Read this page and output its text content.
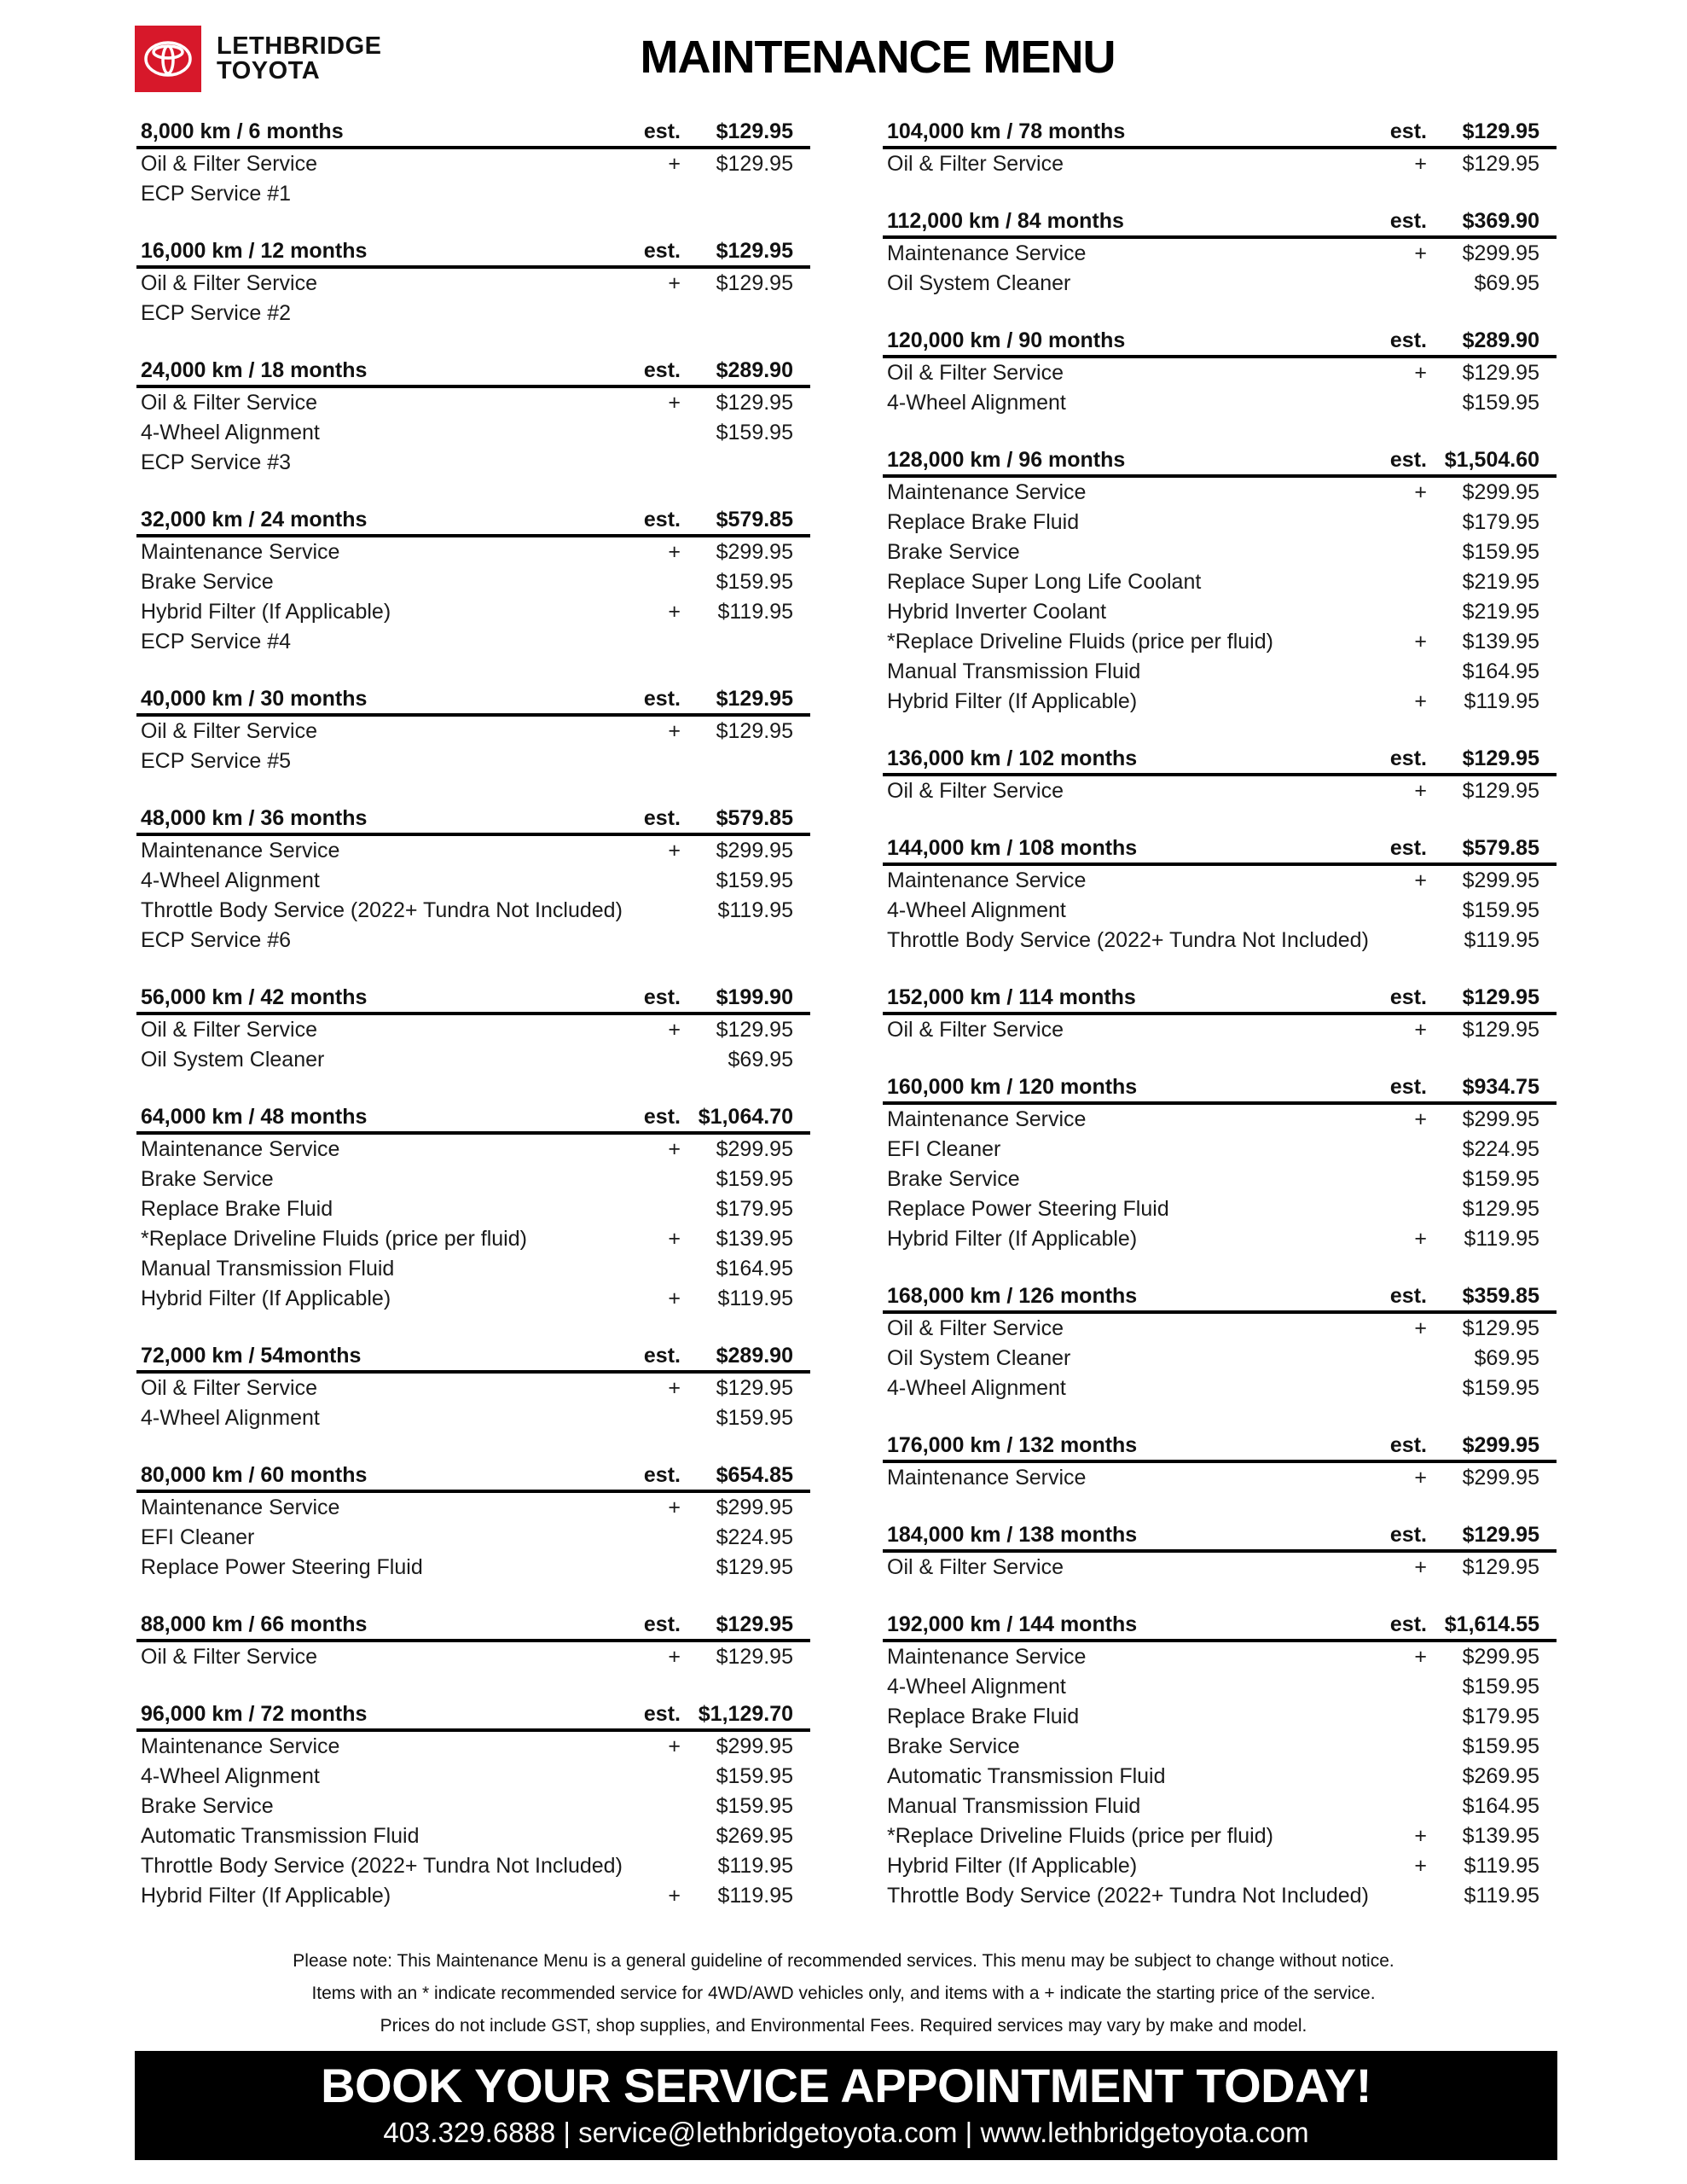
LETHBRIDGE
TOYOTA	MAINTENANCE MENU
8,000 km / 6 months	est.	$129.95
Oil & Filter Service	+	$129.95
ECP Service #1
16,000 km / 12 months	est.	$129.95
Oil & Filter Service	+	$129.95
ECP Service #2
24,000 km / 18 months	est.	$289.90
Oil & Filter Service	+	$129.95
4-Wheel Alignment	$159.95
ECP Service #3
32,000 km / 24 months	est.	$579.85
Maintenance Service	+	$299.95
Brake Service	$159.95
Hybrid Filter (If Applicable)	+	$119.95
ECP Service #4
40,000 km / 30 months	est.	$129.95
Oil & Filter Service	+	$129.95
ECP Service #5
48,000 km / 36 months	est.	$579.85
Maintenance Service	+	$299.95
4-Wheel Alignment	$159.95
Throttle Body Service (2022+ Tundra Not Included)	$119.95
ECP Service #6
56,000 km / 42 months	est.	$199.90
Oil & Filter Service	+	$129.95
Oil System Cleaner	$69.95
64,000 km / 48 months	est. $1,064.70
Maintenance Service	+	$299.95
Brake Service	$159.95
Replace Brake Fluid	$179.95
*Replace Driveline Fluids (price per fluid)	+	$139.95
Manual Transmission Fluid	$164.95
Hybrid Filter (If Applicable)	+	$119.95
72,000 km / 54months	est.	$289.90
Oil & Filter Service	+	$129.95
4-Wheel Alignment	$159.95
80,000 km / 60 months	est.	$654.85
Maintenance Service	+	$299.95
EFI Cleaner	$224.95
Replace Power Steering Fluid	$129.95
88,000 km / 66 months	est.	$129.95
Oil & Filter Service	+	$129.95
96,000 km / 72 months	est. $1,129.70
Maintenance Service	+	$299.95
4-Wheel Alignment	$159.95
Brake Service	$159.95
Automatic Transmission Fluid	$269.95
Throttle Body Service (2022+ Tundra Not Included)	$119.95
Hybrid Filter (If Applicable)	+	$119.95
104,000 km / 78 months	est.	$129.95
Oil & Filter Service	+	$129.95
112,000 km / 84 months	est.	$369.90
Maintenance Service	+	$299.95
Oil System Cleaner	$69.95
120,000 km / 90 months	est.	$289.90
Oil & Filter Service	+	$129.95
4-Wheel Alignment	$159.95
128,000 km / 96 months	est. $1,504.60
Maintenance Service	+	$299.95
Replace Brake Fluid	$179.95
Brake Service	$159.95
Replace Super Long Life Coolant	$219.95
Hybrid Inverter Coolant	$219.95
*Replace Driveline Fluids (price per fluid)	+	$139.95
Manual Transmission Fluid	$164.95
Hybrid Filter (If Applicable)	+	$119.95
136,000 km / 102 months	est.	$129.95
Oil & Filter Service	+	$129.95
144,000 km / 108 months	est.	$579.85
Maintenance Service	+	$299.95
4-Wheel Alignment	$159.95
Throttle Body Service (2022+ Tundra Not Included)	$119.95
152,000 km / 114 months	est.	$129.95
Oil & Filter Service	+	$129.95
160,000 km / 120 months	est.	$934.75
Maintenance Service	+	$299.95
EFI Cleaner	$224.95
Brake Service	$159.95
Replace Power Steering Fluid	$129.95
Hybrid Filter (If Applicable)	+	$119.95
168,000 km / 126 months	est.	$359.85
Oil & Filter Service	+	$129.95
Oil System Cleaner	$69.95
4-Wheel Alignment	$159.95
176,000 km / 132 months	est.	$299.95
Maintenance Service	+	$299.95
184,000 km / 138 months	est.	$129.95
Oil & Filter Service	+	$129.95
192,000 km / 144 months	est. $1,614.55
Maintenance Service	+	$299.95
4-Wheel Alignment	$159.95
Replace Brake Fluid	$179.95
Brake Service	$159.95
Automatic Transmission Fluid	$269.95
Manual Transmission Fluid	$164.95
*Replace Driveline Fluids (price per fluid)	+	$139.95
Hybrid Filter (If Applicable)	+	$119.95
Throttle Body Service (2022+ Tundra Not Included)	$119.95
Please note: This Maintenance Menu is a general guideline of recommended services. This menu may be subject to change without notice.
Items with an * indicate recommended service for 4WD/AWD vehicles only, and items with a + indicate the starting price of the service.
Prices do not include GST, shop supplies, and Environmental Fees. Required services may vary by make and model.
BOOK YOUR SERVICE APPOINTMENT TODAY!
403.329.6888 | service@lethbridgetoyota.com | www.lethbridgetoyota.com
